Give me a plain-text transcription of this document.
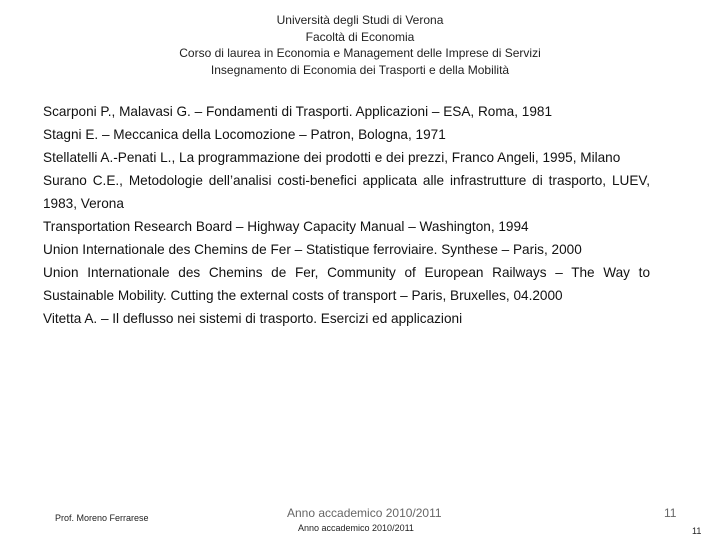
Università degli Studi di Verona
Facoltà di Economia
Corso di laurea in Economia e Management delle Imprese di Servizi
Insegnamento di Economia dei Trasporti e della Mobilità
Scarponi P., Malavasi G. – Fondamenti di Trasporti. Applicazioni – ESA, Roma, 1981
Stagni E. – Meccanica della Locomozione – Patron, Bologna, 1971
Stellatelli A.-Penati L., La programmazione dei prodotti e dei prezzi, Franco Angeli, 1995, Milano
Surano C.E., Metodologie dell’analisi costi-benefici applicata alle infrastrutture di trasporto, LUEV, 1983, Verona
Transportation Research Board – Highway Capacity Manual – Washington, 1994
Union Internationale des Chemins de Fer – Statistique ferroviaire. Synthese – Paris, 2000
Union Internationale des Chemins de Fer, Community of European Railways – The Way to Sustainable Mobility. Cutting the external costs of transport – Paris, Bruxelles, 04.2000
Vitetta A. – Il deflusso nei sistemi di trasporto. Esercizi ed applicazioni
Prof. Moreno Ferrarese	Anno accademico 2010/2011
Anno accademico 2010/2011
11
11
